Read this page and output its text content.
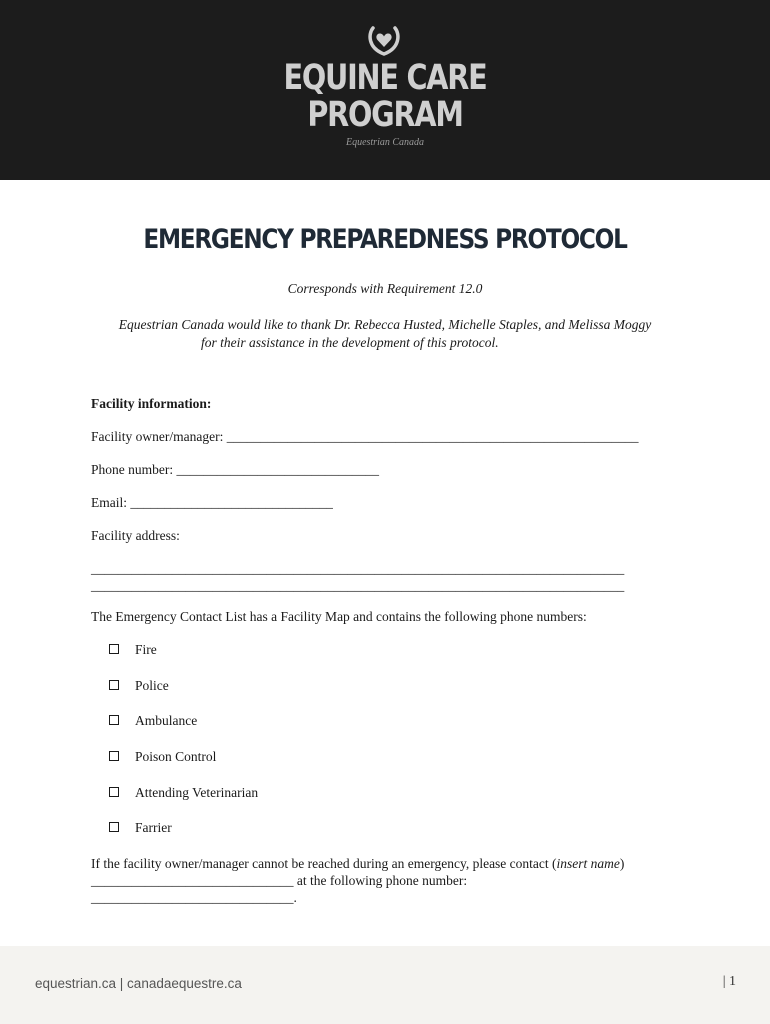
EQUINE CARE
PROGRAM
Equestrian Canada
EMERGENCY PREPAREDNESS PROTOCOL
Corresponds with Requirement 12.0
Equestrian Canada would like to thank Dr. Rebecca Husted, Michelle Staples, and Melissa Moggy
for their assistance in the development of this protocol.
Facility information:
Facility owner/manager: _____________________________________________________________
Phone number: ______________________________
Email: ______________________________
Facility address:
_______________________________________________________________________________
_______________________________________________________________________________
The Emergency Contact List has a Facility Map and contains the following phone numbers:
Fire
Police
Ambulance
Poison Control
Attending Veterinarian
Farrier
If the facility owner/manager cannot be reached during an emergency, please contact (insert name)
______________________________ at the following phone number:
______________________________.
equestrian.ca | canadaequestre.ca	| 1
